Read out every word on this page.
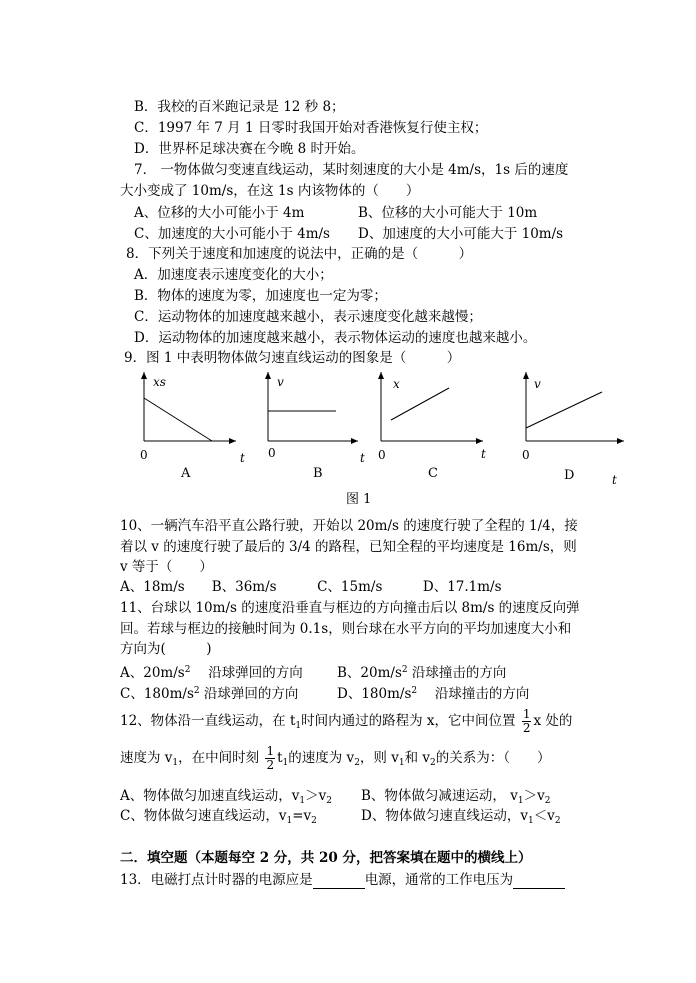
B．我校的百米跑记录是 12 秒 8；
C．1997 年 7 月 1 日零时我国开始对香港恢复行使主权；
D．世界杯足球决赛在今晚 8 时开始。
7． 一物体做匀变速直线运动，某时刻速度的大小是 4m/s，1s 后的速度
大小变成了 10m/s，在这 1s 内该物体的（　　）
A、位移的大小可能小于 4m	B、位移的大小可能大于 10m
C、加速度的大小可能小于 4m/s D、加速度的大小可能大于 10m/s
8．下列关于速度和加速度的说法中，正确的是（　　　）
A．加速度表示速度变化的大小；
B．物体的速度为零，加速度也一定为零；
C．运动物体的加速度越来越小，表示速度变化越来越慢；
D．运动物体的加速度越来越小，表示物体运动的速度也越来越小。
9．图 1 中表明物体做匀速直线运动的图象是（　　　）
xs
t
0
A
v
t
0
B
x
t
0
C
v
t
0
D
图 1
10、一辆汽车沿平直公路行驶，开始以 20m/s 的速度行驶了全程的 1/4，接
着以 v 的速度行驶了最后的 3/4 的路程，已知全程的平均速度是 16m/s，则
v 等于（　　）
A、18m/s　　B、36m/s　　　C、15m/s　　　D、17.1m/s
11、台球以 10m/s 的速度沿垂直与框边的方向撞击后以 8m/s 的速度反向弹
回。若球与框边的接触时间为 0.1s，则台球在水平方向的平均加速度大小和
方向为(　　　)
A、$20m/s^2$　 沿球弹回的方向	B、$20m/s^2$ 沿球撞击的方向
C、$180m/s^2$ 沿球弹回的方向	D、$180m/s^2$　 沿球撞击的方向
12、物体沿一直线运动，在 $t_1$时间内通过的路程为 x，它中间位置 $\frac{1}{2}$ x 处的
速度为 $v_1$，在中间时刻 $\frac{1}{2} t_1$的速度为 $v_2$，则 $v_1$和 $v_2$的关系为：（　　）
A、物体做匀加速直线运动，$v_1>v_2$ B、物体做匀减速运动， $v_1>v_2$
C、物体做匀速直线运动，$v_1=v_2$	D、物体做匀速直线运动，$v_1<v_2$
二．填空题（本题每空 2 分，共 20 分，把答案填在题中的横线上）
13．电磁打点计时器的电源应是	电源，通常的工作电压为
